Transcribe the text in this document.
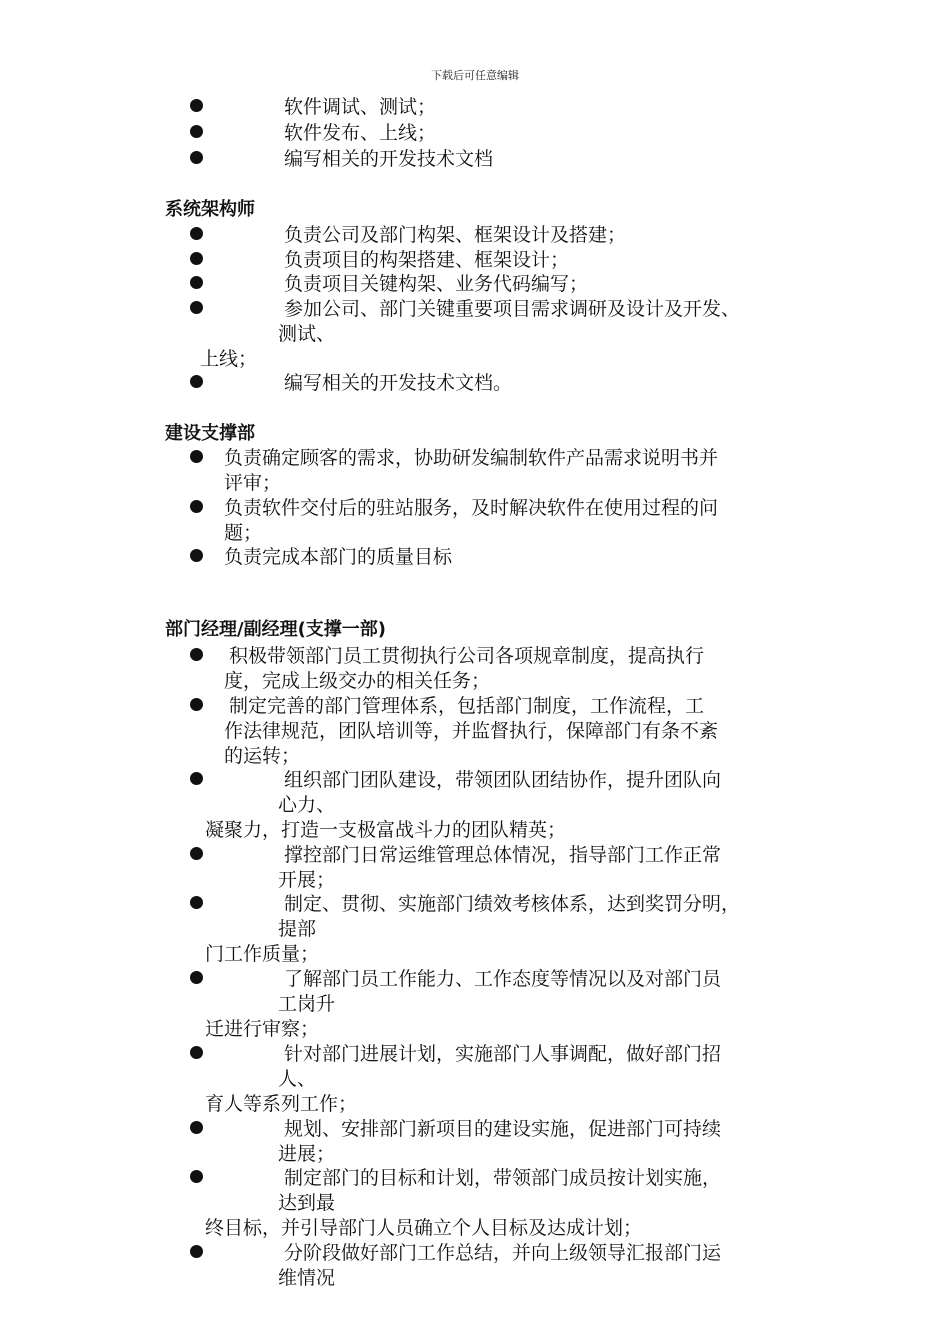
下载后可任意编辑
软件调试、测试；
软件发布、上线；
编写相关的开发技术文档
系统架构师
负责公司及部门构架、框架设计及搭建；
负责项目的构架搭建、框架设计；
负责项目关键构架、业务代码编写；
参加公司、部门关键重要项目需求调研及设计及开发、
测试、
上线；
编写相关的开发技术文档。
建设支撑部
负责确定顾客的需求，协助研发编制软件产品需求说明书并
评审；
负责软件交付后的驻站服务，及时解决软件在使用过程的问
题；
负责完成本部门的质量目标
部门经理/副经理(支撑一部)
积极带领部门员工贯彻执行公司各项规章制度，提高执行
度，完成上级交办的相关任务；
制定完善的部门管理体系，包括部门制度，工作流程，工
作法律规范，团队培训等，并监督执行，保障部门有条不紊
的运转；
组织部门团队建设，带领团队团结协作，提升团队向
心力、
凝聚力，打造一支极富战斗力的团队精英；
撑控部门日常运维管理总体情况，指导部门工作正常
开展；
制定、贯彻、实施部门绩效考核体系，达到奖罚分明，
提部
门工作质量；
了解部门员工作能力、工作态度等情况以及对部门员
工岗升
迁进行审察；
针对部门进展计划，实施部门人事调配，做好部门招
人、
育人等系列工作；
规划、安排部门新项目的建设实施，促进部门可持续
进展；
制定部门的目标和计划，带领部门成员按计划实施，
达到最
终目标，并引导部门人员确立个人目标及达成计划；
分阶段做好部门工作总结，并向上级领导汇报部门运
维情况
